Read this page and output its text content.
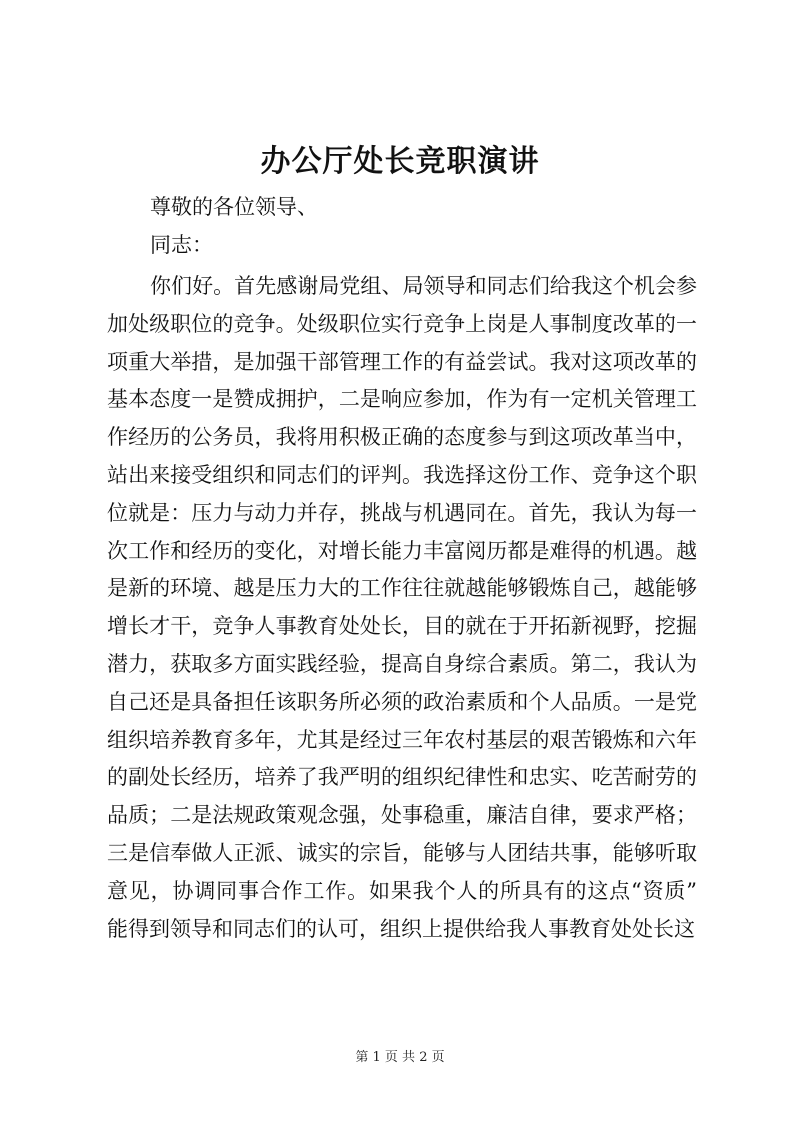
办公厅处长竞职演讲

尊敬的各位领导、

同志：

你们好。首先感谢局党组、局领导和同志们给我这个机会参
加处级职位的竞争。处级职位实行竞争上岗是人事制度改革的一
项重大举措，是加强干部管理工作的有益尝试。我对这项改革的
基本态度一是赞成拥护，二是响应参加，作为有一定机关管理工
作经历的公务员，我将用积极正确的态度参与到这项改革当中，
站出来接受组织和同志们的评判。我选择这份工作、竞争这个职
位就是：压力与动力并存，挑战与机遇同在。首先，我认为每一
次工作和经历的变化，对增长能力丰富阅历都是难得的机遇。越
是新的环境、越是压力大的工作往往就越能够锻炼自己，越能够
增长才干，竞争人事教育处处长，目的就在于开拓新视野，挖掘
潜力，获取多方面实践经验，提高自身综合素质。第二，我认为
自己还是具备担任该职务所必须的政治素质和个人品质。一是党
组织培养教育多年，尤其是经过三年农村基层的艰苦锻炼和六年
的副处长经历，培养了我严明的组织纪律性和忠实、吃苦耐劳的
品质；二是法规政策观念强，处事稳重，廉洁自律，要求严格；
三是信奉做人正派、诚实的宗旨，能够与人团结共事，能够听取
意见，协调同事合作工作。如果我个人的所具有的这点“资质”
能得到领导和同志们的认可，组织上提供给我人事教育处处长这
第 1 页 共 2 页
